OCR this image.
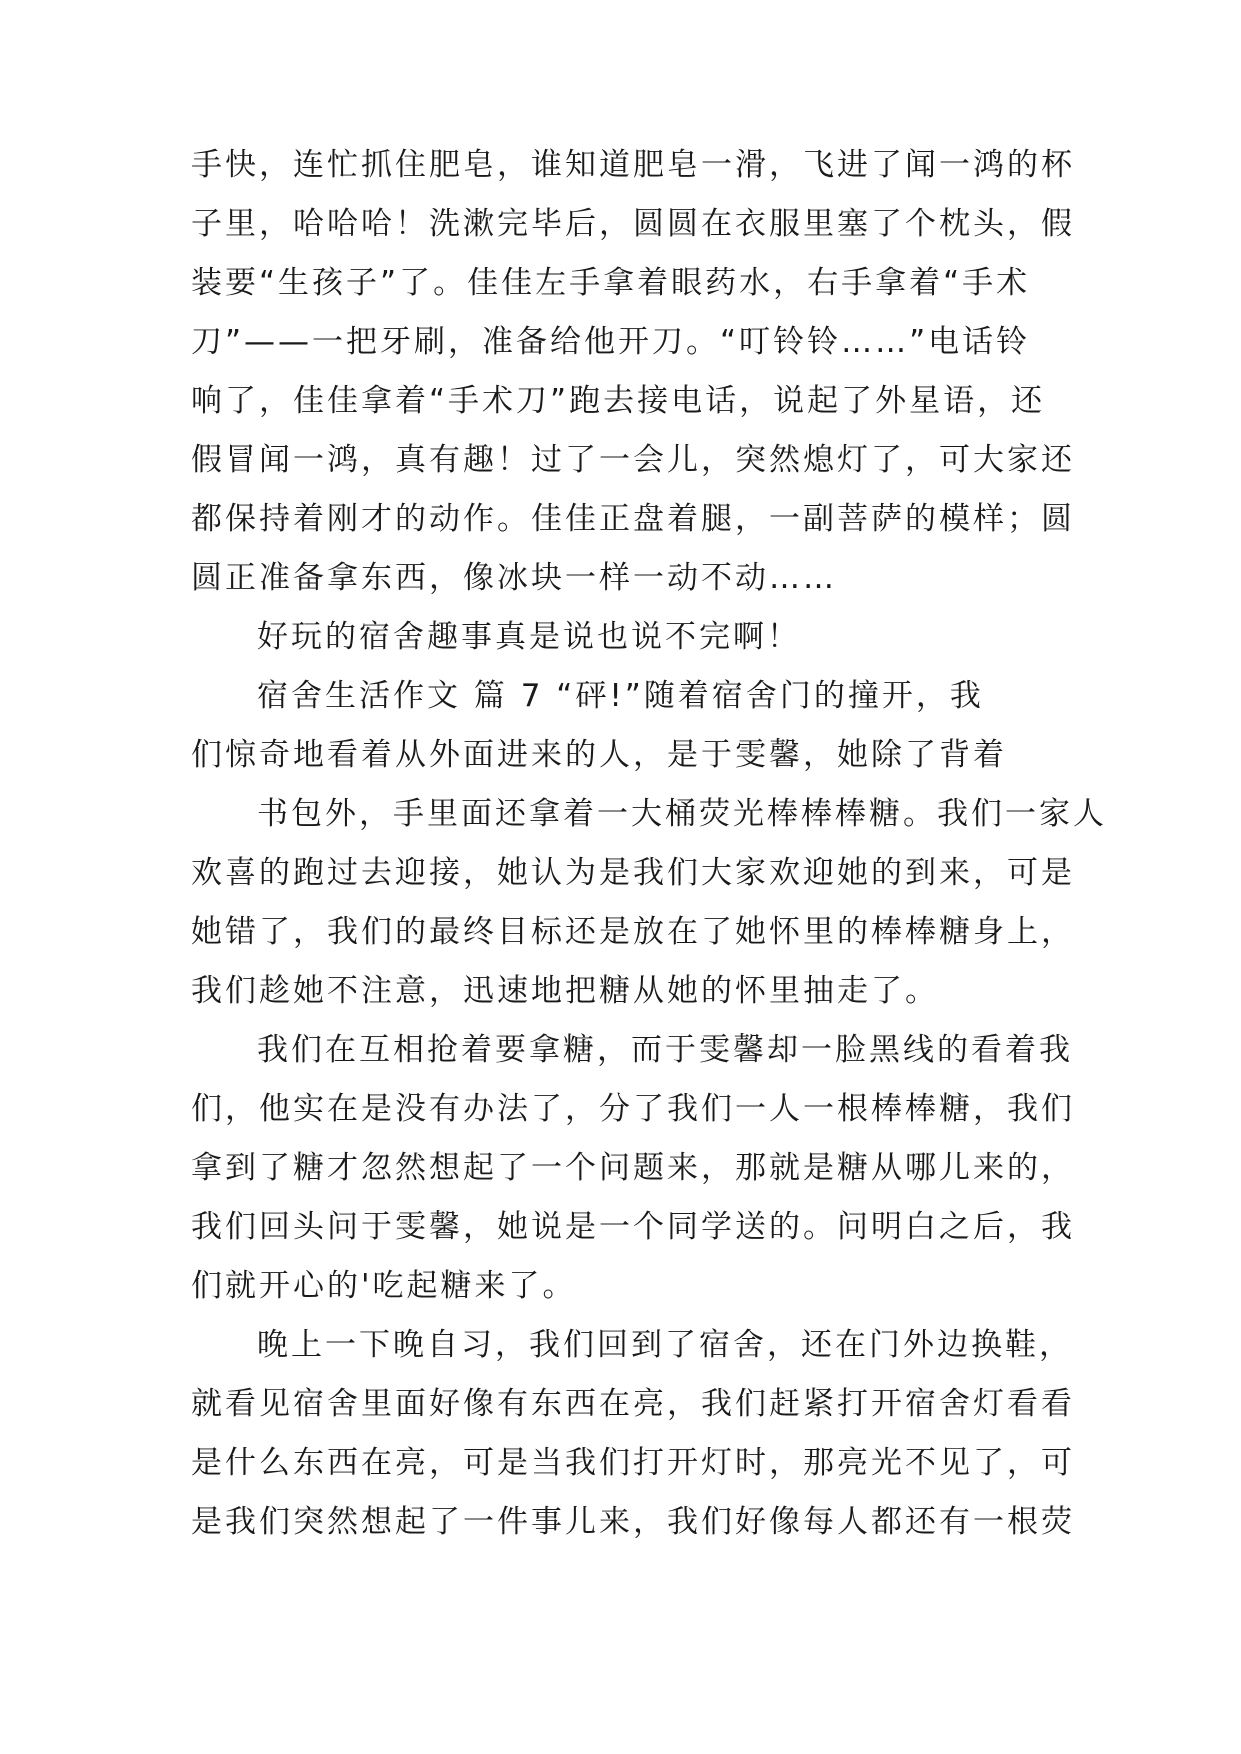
手快，连忙抓住肥皂，谁知道肥皂一滑，飞进了闻一鸿的杯
子里，哈哈哈！洗漱完毕后，圆圆在衣服里塞了个枕头，假
装要“生孩子”了。佳佳左手拿着眼药水，右手拿着“手术
刀”——一把牙刷，准备给他开刀。“叮铃铃……”电话铃
响了，佳佳拿着“手术刀”跑去接电话，说起了外星语，还
假冒闻一鸿，真有趣！过了一会儿，突然熄灯了，可大家还
都保持着刚才的动作。佳佳正盘着腿，一副菩萨的模样；圆
圆正准备拿东西，像冰块一样一动不动……
好玩的宿舍趣事真是说也说不完啊！
宿舍生活作文 篇 7 “砰!”随着宿舍门的撞开，我
们惊奇地看着从外面进来的人，是于雯馨，她除了背着
书包外，手里面还拿着一大桶荧光棒棒棒糖。我们一家人
欢喜的跑过去迎接，她认为是我们大家欢迎她的到来，可是
她错了，我们的最终目标还是放在了她怀里的棒棒糖身上，
我们趁她不注意，迅速地把糖从她的怀里抽走了。
我们在互相抢着要拿糖，而于雯馨却一脸黑线的看着我
们，他实在是没有办法了，分了我们一人一根棒棒糖，我们
拿到了糖才忽然想起了一个问题来，那就是糖从哪儿来的，
我们回头问于雯馨，她说是一个同学送的。问明白之后，我
们就开心的'吃起糖来了。
晚上一下晚自习，我们回到了宿舍，还在门外边换鞋，
就看见宿舍里面好像有东西在亮，我们赶紧打开宿舍灯看看
是什么东西在亮，可是当我们打开灯时，那亮光不见了，可
是我们突然想起了一件事儿来，我们好像每人都还有一根荧
